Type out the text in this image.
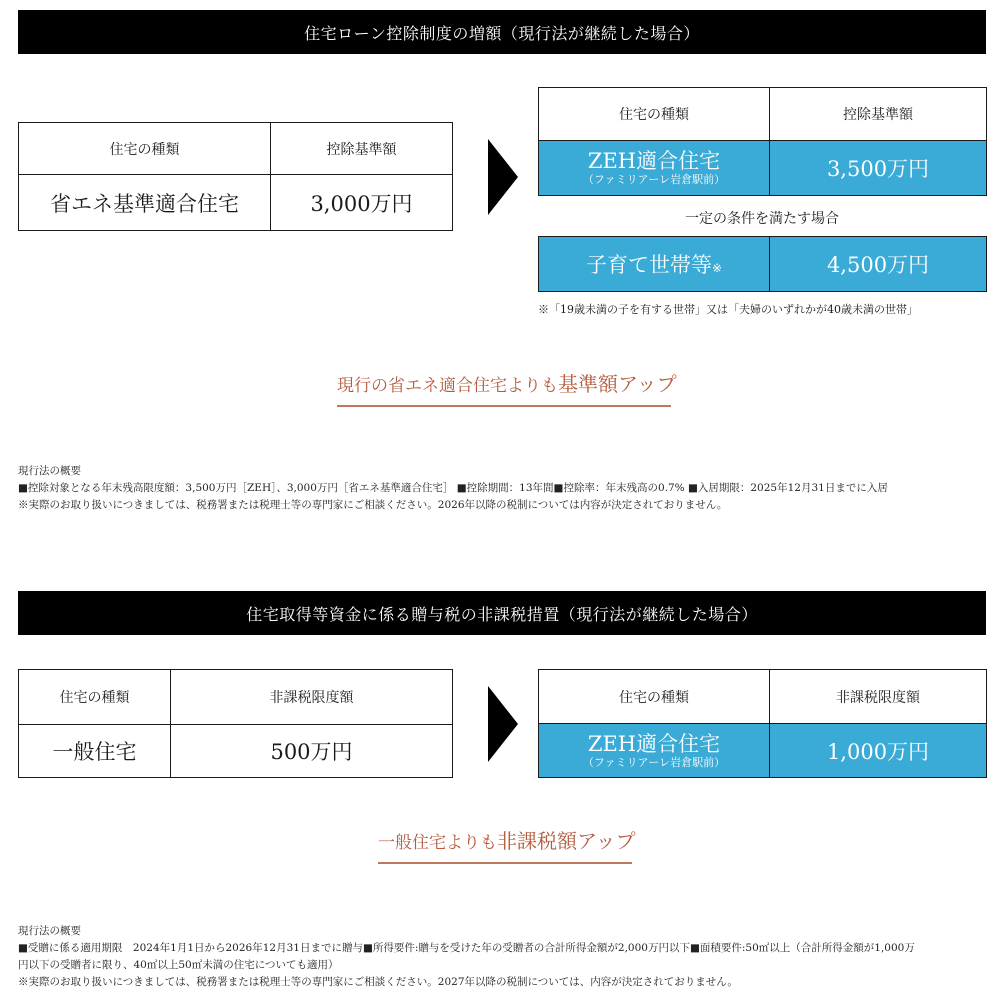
住宅ローン控除制度の増額（現行法が継続した場合）
住宅の種類	控除基準額
省エネ基準適合住宅	3,000万円
住宅の種類	控除基準額

ZEH適合住宅
（ファミリアーレ岩倉駅前）	3,500万円
一定の条件を満たす場合
子育て世帯等※	4,500万円
※「19歳未満の子を有する世帯」又は「夫婦のいずれかが40歳未満の世帯」
現行の省エネ適合住宅よりも基準額アップ
現行法の概要
■控除対象となる年末残高限度額：3,500万円［ZEH］、3,000万円［省エネ基準適合住宅］ ■控除期間：13年間■控除率：年末残高の0.7% ■入居期限：2025年12月31日までに入居
※実際のお取り扱いにつきましては、税務署または税理士等の専門家にご相談ください。2026年以降の税制については内容が決定されておりません。
住宅取得等資金に係る贈与税の非課税措置（現行法が継続した場合）
住宅の種類	非課税限度額
一般住宅	500万円
住宅の種類	非課税限度額

ZEH適合住宅
（ファミリアーレ岩倉駅前）	1,000万円
一般住宅よりも非課税額アップ
現行法の概要
■受贈に係る適用期限　2024年1月1日から2026年12月31日までに贈与■所得要件:贈与を受けた年の受贈者の合計所得金額が2,000万円以下■面積要件:50㎡以上（合計所得金額が1,000万
円以下の受贈者に限り、40㎡以上50㎡未満の住宅についても適用）
※実際のお取り扱いにつきましては、税務署または税理士等の専門家にご相談ください。2027年以降の税制については、内容が決定されておりません。
